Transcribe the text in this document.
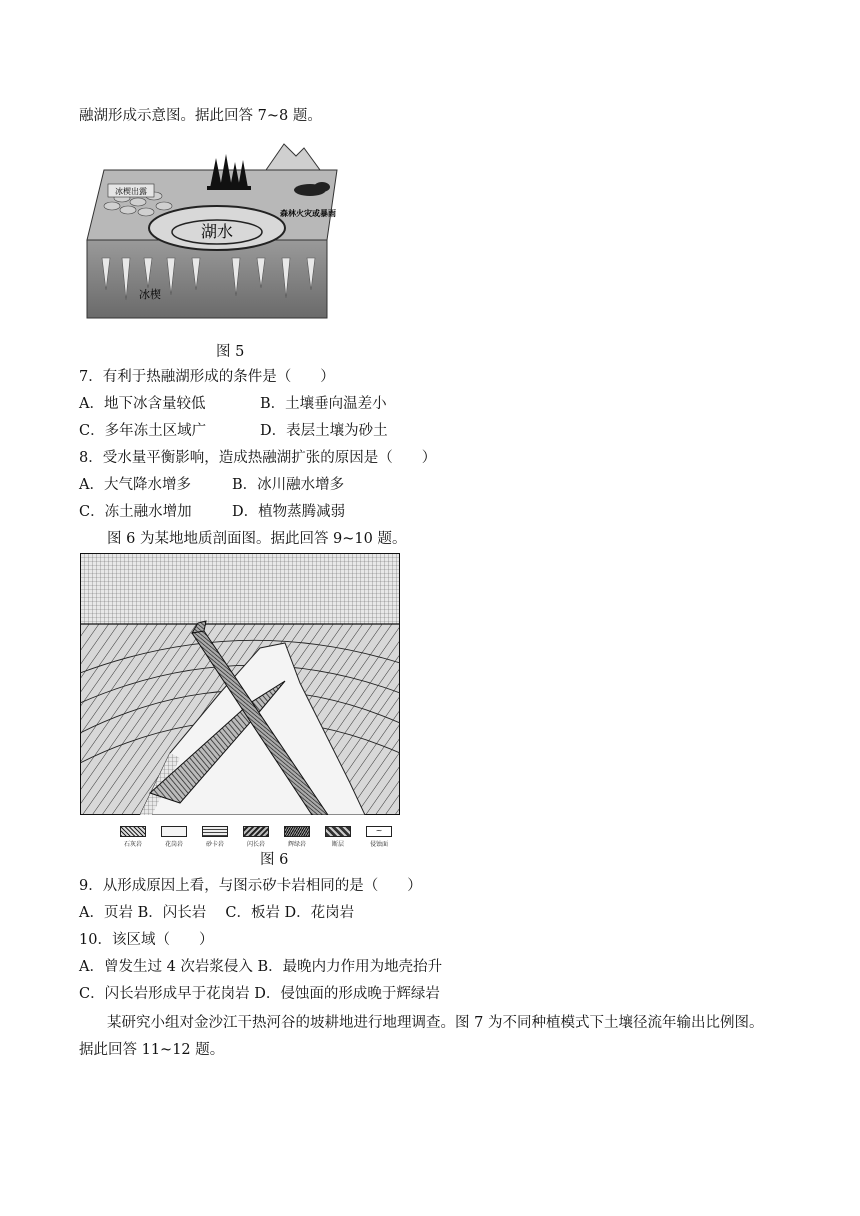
融湖形成示意图。据此回答 7~8 题。
冰楔出露
森林火灾或暴雨
湖水
冰楔
图 5
7．有利于热融湖形成的条件是（　　）
A．地下冰含量较低	B．土壤垂向温差小
C．多年冻土区域广	D．表层土壤为砂土
8．受水量平衡影响，造成热融湖扩张的原因是（　　）
A．大气降水增多	B．冰川融水增多
C．冻土融水增加	D．植物蒸腾减弱
图 6 为某地地质剖面图。据此回答 9~10 题。
石灰岩	花岗岩	砂卡岩	闪长岩	辉绿岩	断层
~
侵蚀面
图 6
9．从形成原因上看，与图示矽卡岩相同的是（　　）
A．页岩 B．闪长岩　 C．板岩 D．花岗岩
10．该区域（　　）
A．曾发生过 4 次岩浆侵入 B．最晚内力作用为地壳抬升
C．闪长岩形成早于花岗岩 D．侵蚀面的形成晚于辉绿岩
某研究小组对金沙江干热河谷的坡耕地进行地理调查。图 7 为不同种植模式下土壤径流年输出比例图。
据此回答 11~12 题。
